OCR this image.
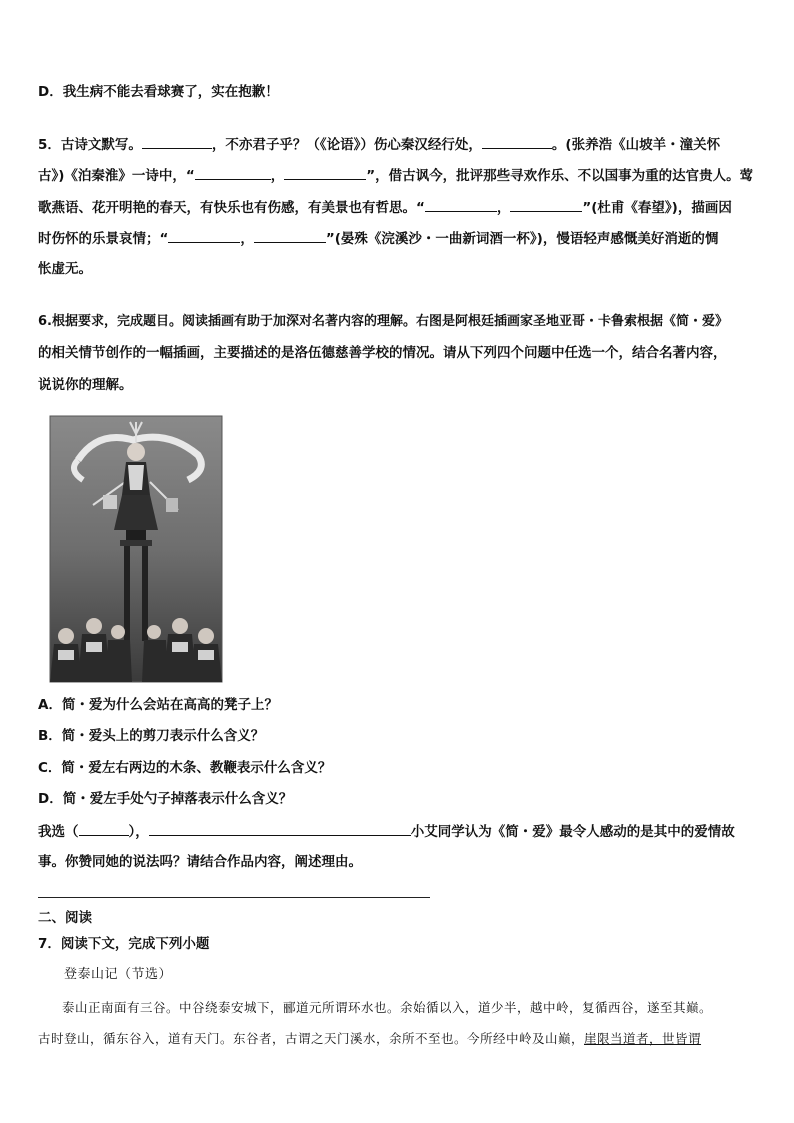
D．我生病不能去看球赛了，实在抱歉！
5．古诗文默写。	，不亦君子乎？（《论语》）伤心秦汉经行处，	。(张养浩《山坡羊・潼关怀
古》)《泊秦淮》一诗中，“	，	”，借古讽今，批评那些寻欢作乐、不以国事为重的达官贵人。莺
歌燕语、花开明艳的春天，有快乐也有伤感，有美景也有哲思。“	，	”(杜甫《春望》)，描画因
时伤怀的乐景哀情；“	，	”(晏殊《浣溪沙・一曲新词酒一杯》)，慢语轻声感慨美好消逝的惆
怅虚无。
6.根据要求，完成题目。阅读插画有助于加深对名著内容的理解。右图是阿根廷插画家圣地亚哥・卡鲁索根据《简・爱》
的相关情节创作的一幅插画，主要描述的是洛伍德慈善学校的情况。请从下列四个问题中任选一个，结合名著内容，
说说你的理解。
A．简・爱为什么会站在高高的凳子上？
B．简・爱头上的剪刀表示什么含义？
C．简・爱左右两边的木条、教鞭表示什么含义？
D．简・爱左手处勺子掉落表示什么含义？
我选（	），	小艾同学认为《简・爱》最令人感动的是其中的爱情故
事。你赞同她的说法吗？请结合作品内容，阐述理由。
二、阅读
7．阅读下文，完成下列小题
登泰山记（节选）
泰山正南面有三谷。中谷绕泰安城下，郦道元所谓环水也。余始循以入，道少半，越中岭，复循西谷，遂至其巅。
古时登山，循东谷入，道有天门。东谷者，古谓之天门溪水，余所不至也。今所经中岭及山巅，崖限当道者，世皆谓
